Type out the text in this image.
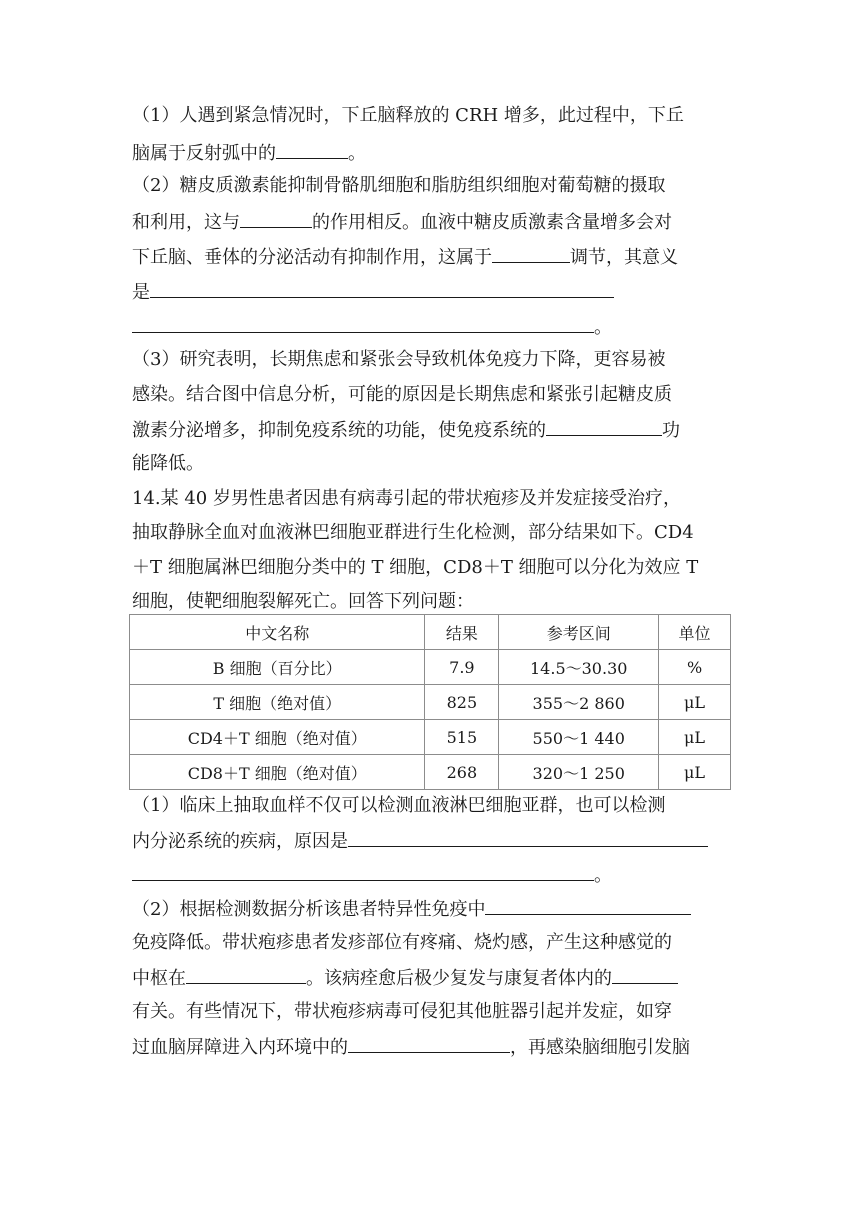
（1）人遇到紧急情况时，下丘脑释放的 CRH 增多，此过程中，下丘
脑属于反射弧中的	。
（2）糖皮质激素能抑制骨骼肌细胞和脂肪组织细胞对葡萄糖的摄取
和利用，这与	的作用相反。血液中糖皮质激素含量增多会对
下丘脑、垂体的分泌活动有抑制作用，这属于	调节，其意义
是
。
（3）研究表明，长期焦虑和紧张会导致机体免疫力下降，更容易被
感染。结合图中信息分析，可能的原因是长期焦虑和紧张引起糖皮质
激素分泌增多，抑制免疫系统的功能，使免疫系统的	功
能降低。
14.某 40 岁男性患者因患有病毒引起的带状疱疹及并发症接受治疗，
抽取静脉全血对血液淋巴细胞亚群进行生化检测，部分结果如下。CD4
＋T 细胞属淋巴细胞分类中的 T 细胞，CD8＋T 细胞可以分化为效应 T
细胞，使靶细胞裂解死亡。回答下列问题：
中文名称	结果	参考区间	单位
B 细胞（百分比）	7.9	14.5～30.30	%
T 细胞（绝对值）	825	355～2 860	μL
CD4＋T 细胞（绝对值）	515	550～1 440	μL
CD8＋T 细胞（绝对值）	268	320～1 250	μL
（1）临床上抽取血样不仅可以检测血液淋巴细胞亚群，也可以检测
内分泌系统的疾病，原因是
。
（2）根据检测数据分析该患者特异性免疫中
免疫降低。带状疱疹患者发疹部位有疼痛、烧灼感，产生这种感觉的
中枢在	。该病痊愈后极少复发与康复者体内的
有关。有些情况下，带状疱疹病毒可侵犯其他脏器引起并发症，如穿
过血脑屏障进入内环境中的	，再感染脑细胞引发脑
